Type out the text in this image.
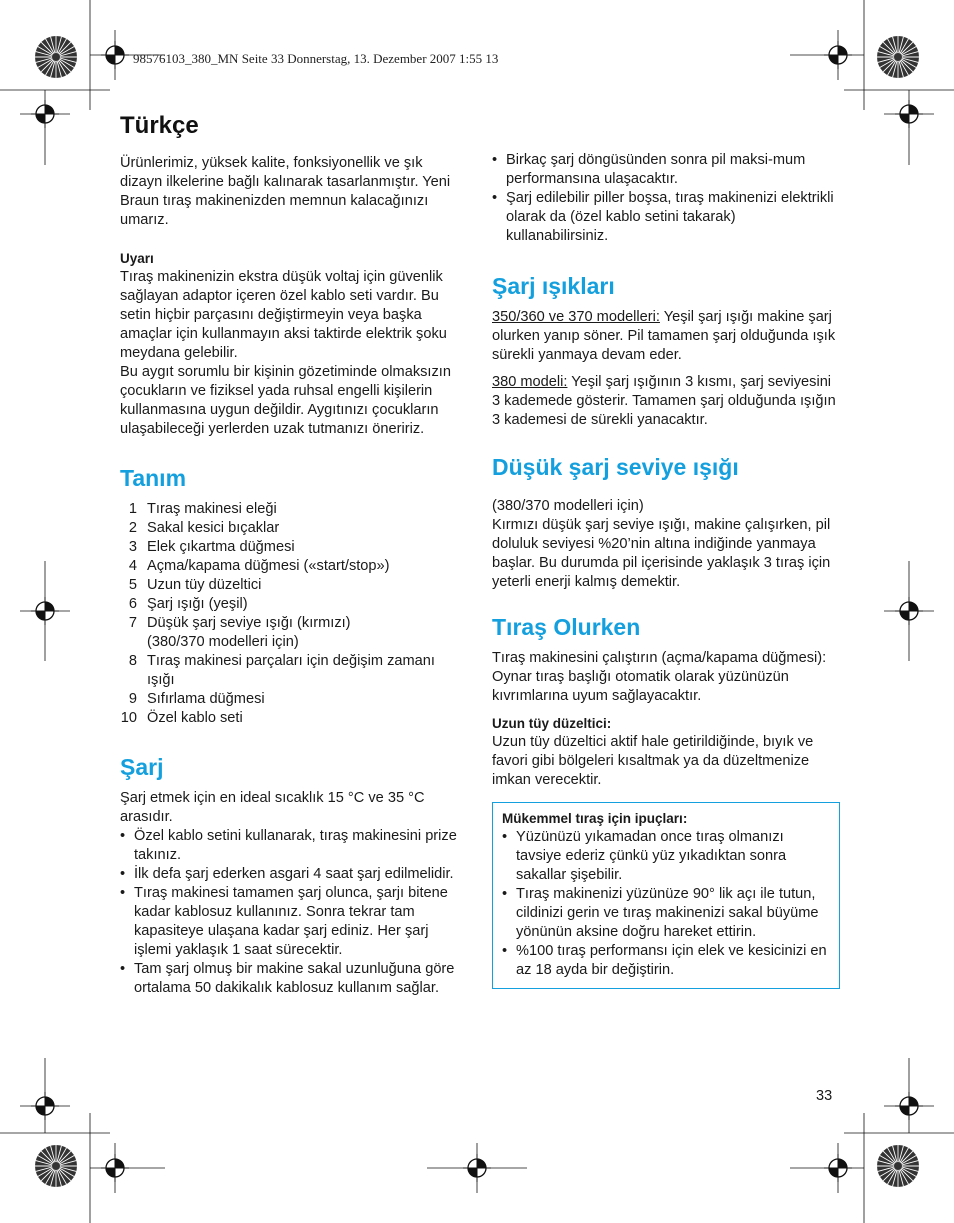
98576103_380_MN Seite 33 Donnerstag, 13. Dezember 2007 1:55 13
Türkçe

Ürünlerimiz, yüksek kalite, fonksiyonellik ve şık dizayn ilkelerine bağlı kalınarak tasarlanmıştır. Yeni Braun tıraş makinenizden memnun kalacağınızı umarız.

Uyarı

Tıraş makinenizin ekstra düşük voltaj için güvenlik sağlayan adaptor içeren özel kablo seti vardır. Bu setin hiçbir parçasını değiştirmeyin veya başka amaçlar için kullanmayın aksi taktirde elektrik şoku meydana gelebilir.

Bu aygıt sorumlu bir kişinin gözetiminde olmaksızın çocukların ve fiziksel yada ruhsal engelli kişilerin kullanmasına uygun değildir. Aygıtınızı çocukların ulaşabileceği yerlerden uzak tutmanızı öneririz.

Tanım
1 Tıraş makinesi eleği
2 Sakal kesici bıçaklar
3 Elek çıkartma düğmesi
4 Açma/kapama düğmesi («start/stop»)
5 Uzun tüy düzeltici
6 Şarj ışığı (yeşil)
7 Düşük şarj seviye ışığı (kırmızı) (380/370 modelleri için)
8 Tıraş makinesi parçaları için değişim zamanı ışığı
9 Sıfırlama düğmesi
10 Özel kablo seti
Şarj

Şarj etmek için en ideal sıcaklık 15 °C ve 35 °C arasıdır.

• Özel kablo setini kullanarak, tıraş makinesini prize takınız.
• İlk defa şarj ederken asgari 4 saat şarj edilmelidir.
• Tıraş makinesi tamamen şarj olunca, şarjı bitene kadar kablosuz kullanınız. Sonra tekrar tam kapasiteye ulaşana kadar şarj ediniz. Her şarj işlemi yaklaşık 1 saat sürecektir.
• Tam şarj olmuş bir makine sakal uzunluğuna göre ortalama 50 dakikalık kablosuz kullanım sağlar.
• Birkaç şarj döngüsünden sonra pil maksi-mum performansına ulaşacaktır.
• Şarj edilebilir piller boşsa, tıraş makinenizi elektrikli olarak da (özel kablo setini takarak) kullanabilirsiniz.
Şarj ışıkları

350/360 ve 370 modelleri: Yeşil şarj ışığı makine şarj olurken yanıp söner. Pil tamamen şarj olduğunda ışık sürekli yanmaya devam eder.

380 modeli: Yeşil şarj ışığının 3 kısmı, şarj seviyesini 3 kademede gösterir. Tamamen şarj olduğunda ışığın 3 kademesi de sürekli yanacaktır.

Düşük şarj seviye ışığı

(380/370 modelleri için)

Kırmızı düşük şarj seviye ışığı, makine çalışırken, pil doluluk seviyesi %20’nin altına indiğinde yanmaya başlar. Bu durumda pil içerisinde yaklaşık 3 tıraş için yeterli enerji kalmış demektir.

Tıraş Olurken

Tıraş makinesini çalıştırın (açma/kapama düğmesi):

Oynar tıraş başlığı otomatik olarak yüzünüzün kıvrımlarına uyum sağlayacaktır.

Uzun tüy düzeltici:

Uzun tüy düzeltici aktif hale getirildiğinde, bıyık ve favori gibi bölgeleri kısaltmak ya da düzeltmenize imkan verecektir.

Mükemmel tıraş için ipuçları:

• Yüzünüzü yıkamadan once tıraş olmanızı tavsiye ederiz çünkü yüz yıkadıktan sonra sakallar şişebilir.
• Tıraş makinenizi yüzünüze 90° lik açı ile tutun, cildinizi gerin ve tıraş makinenizi sakal büyüme yönünün aksine doğru hareket ettirin.
• %100 tıraş performansı için elek ve kesicinizi en az 18 ayda bir değiştirin.
33
